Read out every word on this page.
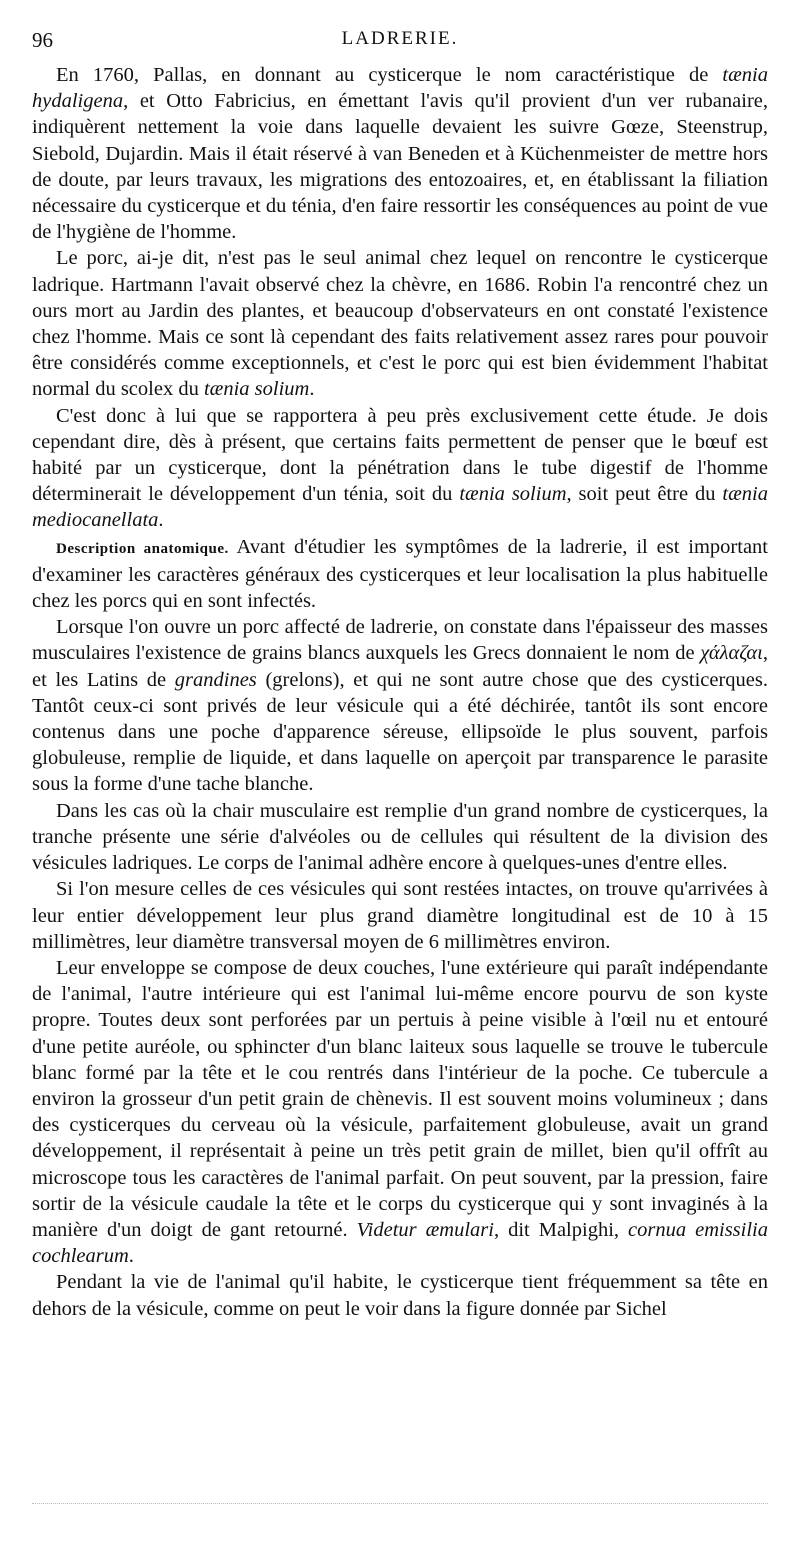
96	LADRERIE.

En 1760, Pallas, en donnant au cysticerque le nom caractéristique de tænia hydaligena, et Otto Fabricius, en émettant l'avis qu'il provient d'un ver rubanaire, indiquèrent nettement la voie dans laquelle devaient les suivre Gœze, Steenstrup, Siebold, Dujardin. Mais il était réservé à van Beneden et à Küchenmeister de mettre hors de doute, par leurs travaux, les migrations des entozoaires, et, en établissant la filiation nécessaire du cysticerque et du ténia, d'en faire ressortir les conséquences au point de vue de l'hygiène de l'homme.

Le porc, ai-je dit, n'est pas le seul animal chez lequel on rencontre le cysticerque ladrique. Hartmann l'avait observé chez la chèvre, en 1686. Robin l'a rencontré chez un ours mort au Jardin des plantes, et beaucoup d'observateurs en ont constaté l'existence chez l'homme. Mais ce sont là cependant des faits relativement assez rares pour pouvoir être considérés comme exceptionnels, et c'est le porc qui est bien évidemment l'habitat normal du scolex du tænia solium.

C'est donc à lui que se rapportera à peu près exclusivement cette étude. Je dois cependant dire, dès à présent, que certains faits permettent de penser que le bœuf est habité par un cysticerque, dont la pénétration dans le tube digestif de l'homme déterminerait le développement d'un ténia, soit du tænia solium, soit peut être du tænia mediocanellata.

Description anatomique. Avant d'étudier les symptômes de la ladrerie, il est important d'examiner les caractères généraux des cysticerques et leur localisation la plus habituelle chez les porcs qui en sont infectés.

Lorsque l'on ouvre un porc affecté de ladrerie, on constate dans l'épaisseur des masses musculaires l'existence de grains blancs auxquels les Grecs donnaient le nom de χάλαζαι, et les Latins de grandines (grelons), et qui ne sont autre chose que des cysticerques. Tantôt ceux-ci sont privés de leur vésicule qui a été déchirée, tantôt ils sont encore contenus dans une poche d'apparence séreuse, ellipsoïde le plus souvent, parfois globuleuse, remplie de liquide, et dans laquelle on aperçoit par transparence le parasite sous la forme d'une tache blanche.

Dans les cas où la chair musculaire est remplie d'un grand nombre de cysticerques, la tranche présente une série d'alvéoles ou de cellules qui résultent de la division des vésicules ladriques. Le corps de l'animal adhère encore à quelques-unes d'entre elles.

Si l'on mesure celles de ces vésicules qui sont restées intactes, on trouve qu'arrivées à leur entier développement leur plus grand diamètre longitudinal est de 10 à 15 millimètres, leur diamètre transversal moyen de 6 millimètres environ.

Leur enveloppe se compose de deux couches, l'une extérieure qui paraît indépendante de l'animal, l'autre intérieure qui est l'animal lui-même encore pourvu de son kyste propre. Toutes deux sont perforées par un pertuis à peine visible à l'œil nu et entouré d'une petite auréole, ou sphincter d'un blanc laiteux sous laquelle se trouve le tubercule blanc formé par la tête et le cou rentrés dans l'intérieur de la poche. Ce tubercule a environ la grosseur d'un petit grain de chènevis. Il est souvent moins volumineux ; dans des cysticerques du cerveau où la vésicule, parfaitement globuleuse, avait un grand développement, il représentait à peine un très petit grain de millet, bien qu'il offrît au microscope tous les caractères de l'animal parfait. On peut souvent, par la pression, faire sortir de la vésicule caudale la tête et le corps du cysticerque qui y sont invaginés à la manière d'un doigt de gant retourné. Videtur æmulari, dit Malpighi, cornua emissilia cochlearum.

Pendant la vie de l'animal qu'il habite, le cysticerque tient fréquemment sa tête en dehors de la vésicule, comme on peut le voir dans la figure donnée par Sichel
